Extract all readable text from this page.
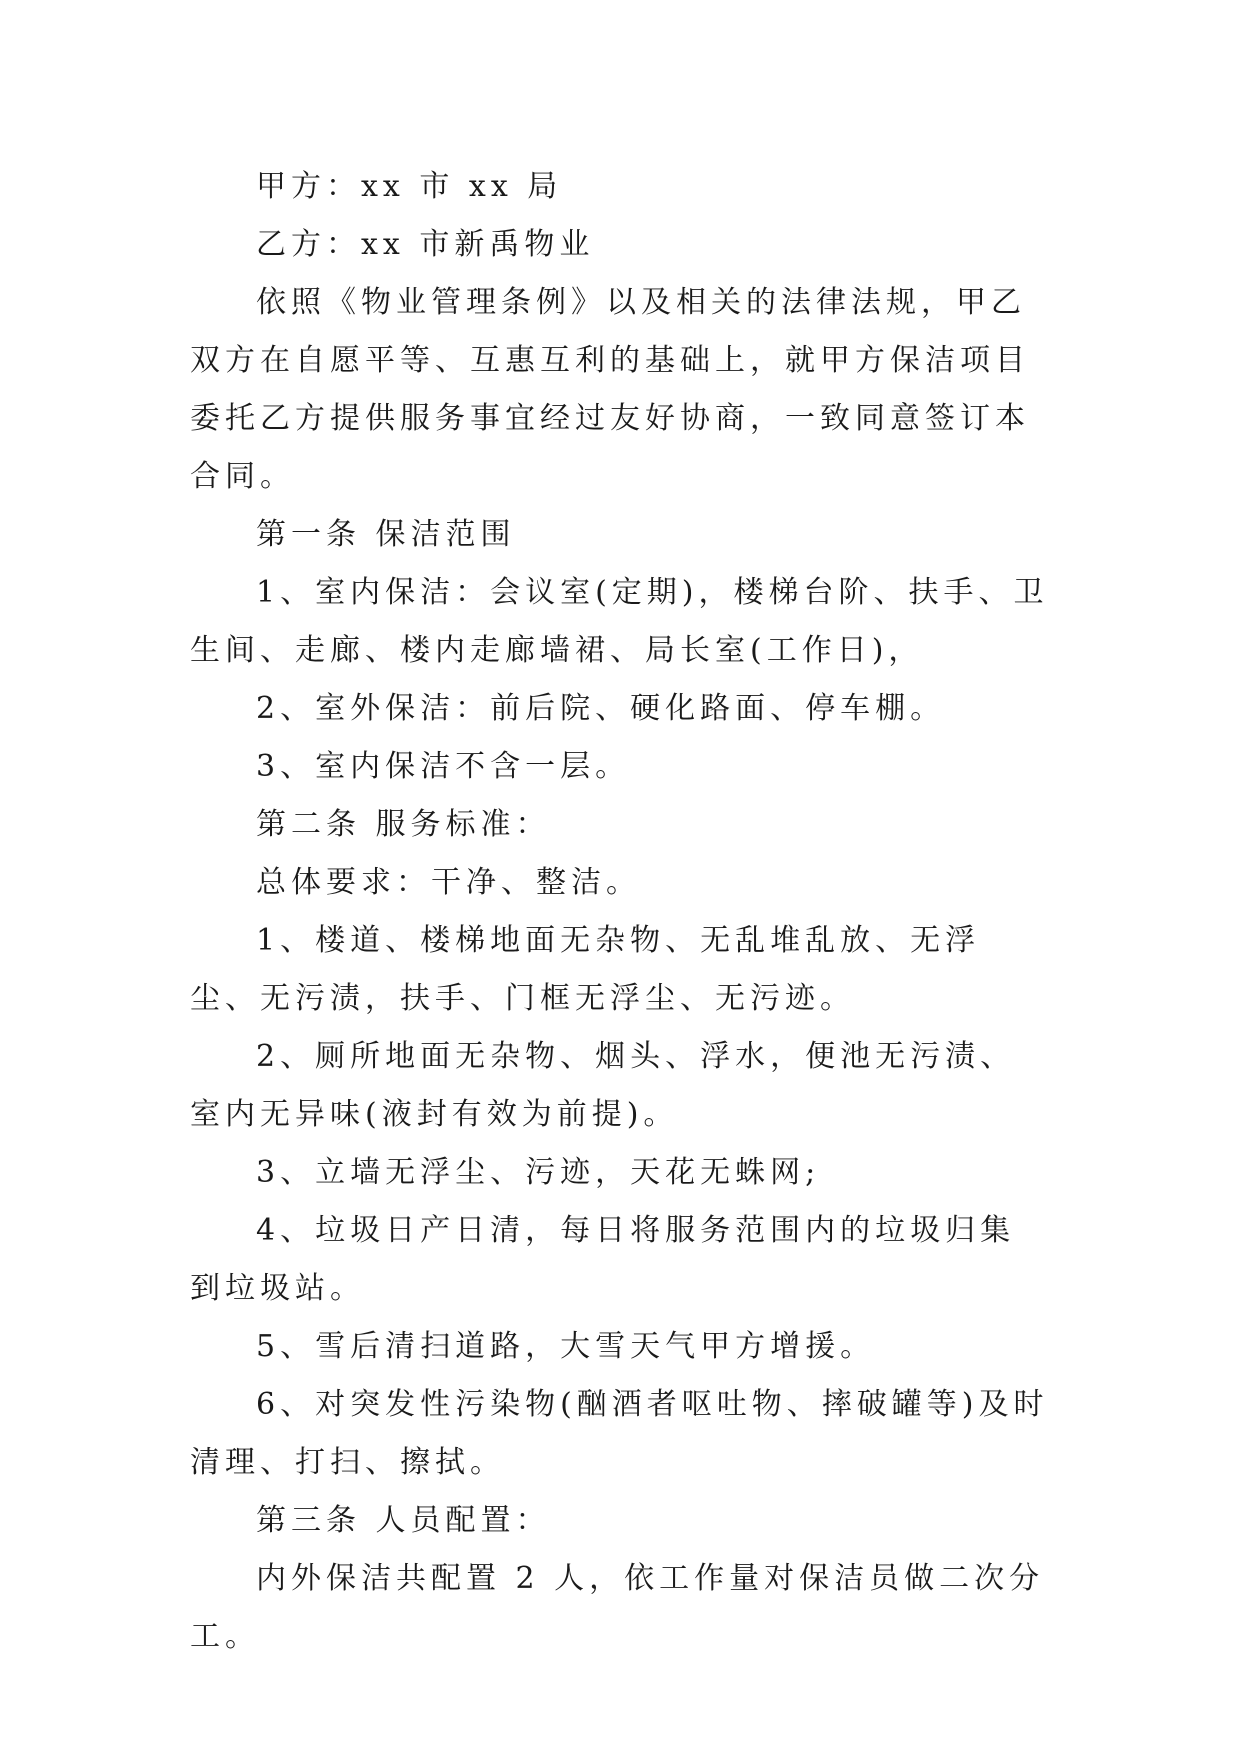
甲方：xx 市 xx 局

乙方：xx 市新禹物业

依照《物业管理条例》以及相关的法律法规，甲乙双方在自愿平等、互惠互利的基础上，就甲方保洁项目委托乙方提供服务事宜经过友好协商，一致同意签订本合同。

第一条 保洁范围

1、室内保洁：会议室(定期)，楼梯台阶、扶手、卫生间、走廊、楼内走廊墙裙、局长室(工作日)，

2、室外保洁：前后院、硬化路面、停车棚。

3、室内保洁不含一层。

第二条 服务标准：

总体要求：干净、整洁。

1、楼道、楼梯地面无杂物、无乱堆乱放、无浮尘、无污渍，扶手、门框无浮尘、无污迹。

2、厕所地面无杂物、烟头、浮水，便池无污渍、室内无异味(液封有效为前提)。

3、立墙无浮尘、污迹，天花无蛛网;

4、垃圾日产日清，每日将服务范围内的垃圾归集到垃圾站。

5、雪后清扫道路，大雪天气甲方增援。

6、对突发性污染物(酗酒者呕吐物、摔破罐等)及时清理、打扫、擦拭。

第三条 人员配置：

内外保洁共配置 2 人，依工作量对保洁员做二次分工。
